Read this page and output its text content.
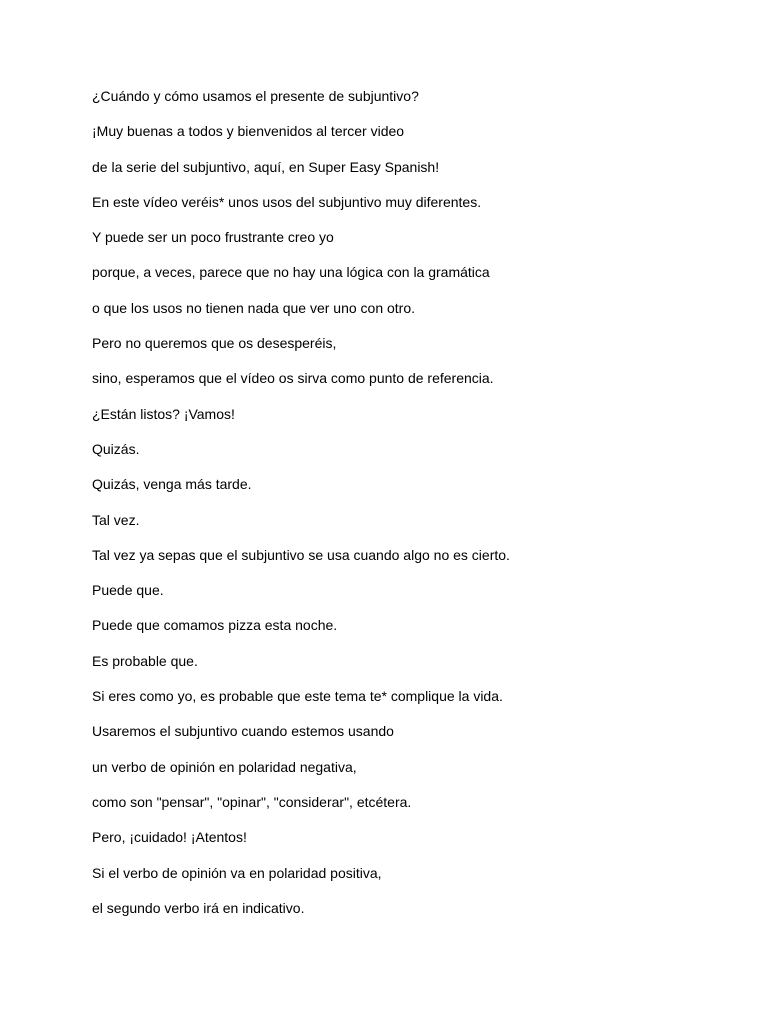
¿Cuándo y cómo usamos el presente de subjuntivo?
¡Muy buenas a todos y bienvenidos al tercer video
de la serie del subjuntivo, aquí, en Super Easy Spanish!
En este vídeo veréis* unos usos del subjuntivo muy diferentes.
Y puede ser un poco frustrante creo yo
porque, a veces, parece que no hay una lógica con la gramática
o que los usos no tienen nada que ver uno con otro.
Pero no queremos que os desesperéis,
sino, esperamos que el vídeo os sirva como punto de referencia.
¿Están listos? ¡Vamos!
Quizás.
Quizás, venga más tarde.
Tal vez.
Tal vez ya sepas que el subjuntivo se usa cuando algo no es cierto.
Puede que.
Puede que comamos pizza esta noche.
Es probable que.
Si eres como yo, es probable que este tema te* complique la vida.
Usaremos el subjuntivo cuando estemos usando
un verbo de opinión en polaridad negativa,
como son "pensar", "opinar", "considerar", etcétera.
Pero, ¡cuidado! ¡Atentos!
Si el verbo de opinión va en polaridad positiva,
el segundo verbo irá en indicativo.
